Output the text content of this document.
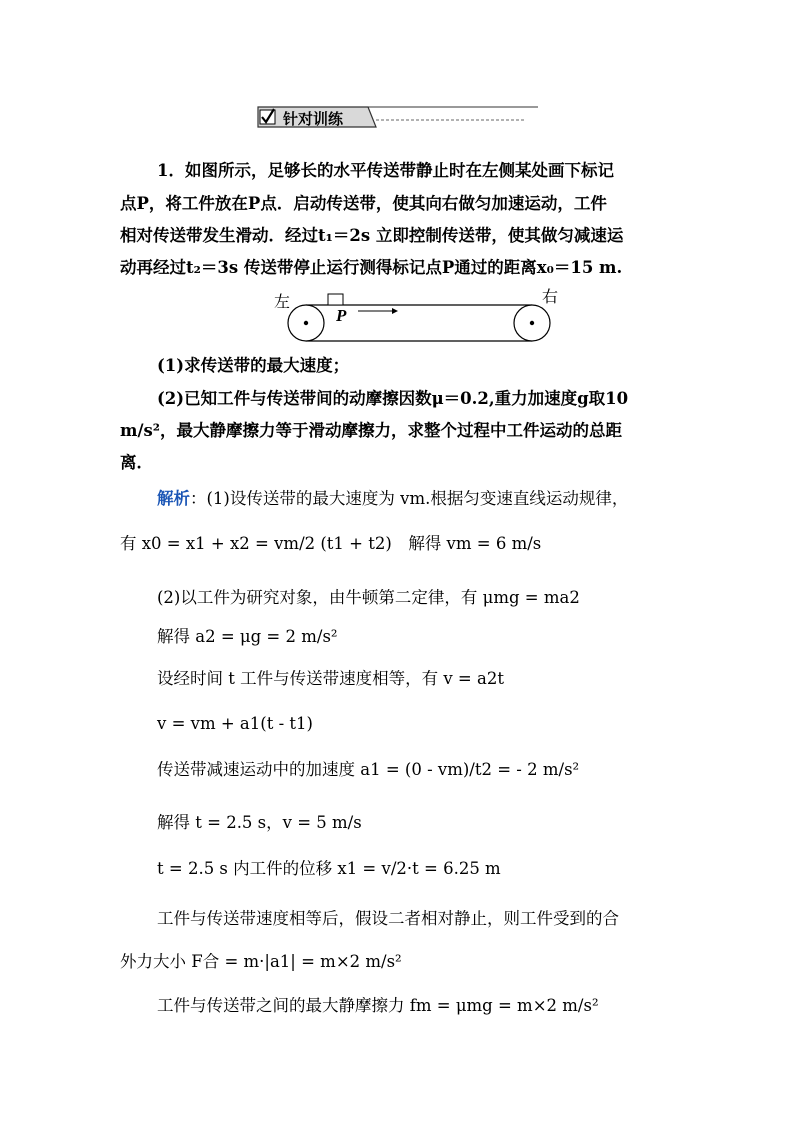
针对训练
1．如图所示，足够长的水平传送带静止时在左侧某处画下标记
点P，将工件放在P点．启动传送带，使其向右做匀加速运动，工件
相对传送带发生滑动．经过t₁＝2s 立即控制传送带，使其做匀减速运
动再经过t₂＝3s 传送带停止运行测得标记点P通过的距离x₀＝15 m.
左	右
P
(1)求传送带的最大速度；
(2)已知工件与传送带间的动摩擦因数μ＝0.2,重力加速度g取10
m/s²，最大静摩擦力等于滑动摩擦力，求整个过程中工件运动的总距
离．
解析：(1)设传送带的最大速度为 vm.根据匀变速直线运动规律，
有 x0 = x1 + x2 = vm/2 (t1 + t2)　解得 vm = 6 m/s
(2)以工件为研究对象，由牛顿第二定律，有 μmg = ma2
解得 a2 = μg = 2 m/s²
设经时间 t 工件与传送带速度相等，有 v = a2t
v = vm + a1(t - t1)
传送带减速运动中的加速度 a1 = (0 - vm)/t2 = - 2 m/s²
解得 t = 2.5 s，v = 5 m/s
t = 2.5 s 内工件的位移 x1 = v/2·t = 6.25 m
工件与传送带速度相等后，假设二者相对静止，则工件受到的合
外力大小 F合 = m·|a1| = m×2 m/s²
工件与传送带之间的最大静摩擦力 fm = μmg = m×2 m/s²
